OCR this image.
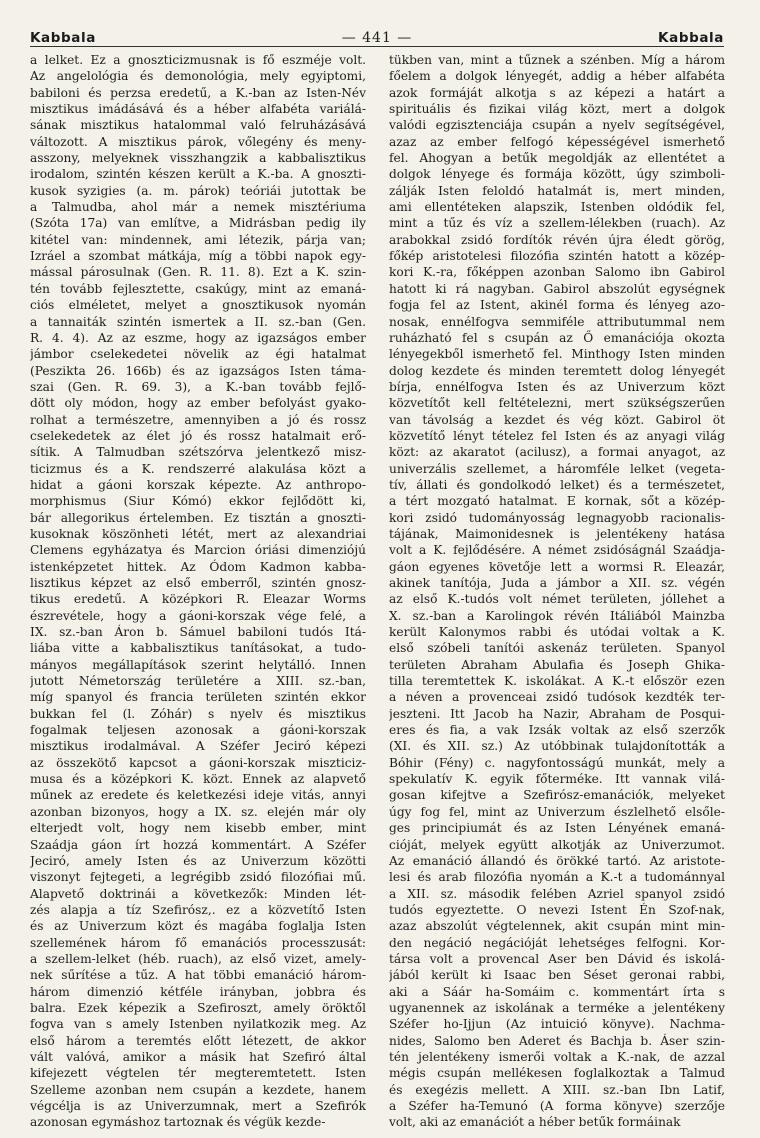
Kabbala	— 441 —	Kabbala
a lelket. Ez a gnoszticizmusnak is fő eszméje volt.
Az angelológia és demonológia, mely egyiptomi,
babiloni és perzsa eredetű, a K.-ban az Isten-Név
misztikus imádásává és a héber alfabéta variálá-
sának misztikus hatalommal való felruházásává
változott. A misztikus párok, vőlegény és meny-
asszony, melyeknek visszhangzik a kabbalisztikus
irodalom, szintén készen került a K.-ba. A gnoszti-
kusok syzigies (a. m. párok) teóriái jutottak be
a Talmudba, ahol már a nemek misztériuma
(Szóta 17a) van említve, a Midrásban pedig ily
kitétel van: mindennek, ami létezik, párja van;
Izráel a szombat mátkája, míg a többi napok egy-
mással párosulnak (Gen. R. 11. 8). Ezt a K. szin-
tén tovább fejlesztette, csakúgy, mint az emaná-
ciós elméletet, melyet a gnosztikusok nyomán
a tannaiták szintén ismertek a II. sz.-ban (Gen.
R. 4. 4). Az az eszme, hogy az igazságos ember
jámbor cselekedetei növelik az égi hatalmat
(Peszikta 26. 166b) és az igazságos Isten táma-
szai (Gen. R. 69. 3), a K.-ban tovább fejlő-
dött oly módon, hogy az ember befolyást gyako-
rolhat a természetre, amennyiben a jó és rossz
cselekedetek az élet jó és rossz hatalmait erő-
sítik. A Talmudban szétszórva jelentkező misz-
ticizmus és a K. rendszerré alakulása közt a
hidat a gáoni korszak képezte. Az anthropo-
morphismus (Siur Kómó) ekkor fejlődött ki,
bár allegorikus értelemben. Ez tisztán a gnoszti-
kusoknak köszönheti létét, mert az alexandriai
Clemens egyházatya és Marcion óriási dimenziójú
istenképzetet hittek. Az Ódom Kadmon kabba-
lisztikus képzet az első emberről, szintén gnosz-
tikus eredetű. A középkori R. Eleazar Worms
észrevétele, hogy a gáoni-korszak vége felé, a
IX. sz.-ban Áron b. Sámuel babiloni tudós Itá-
liába vitte a kabbalisztikus tanításokat, a tudo-
mányos megállapítások szerint helytálló. Innen
jutott Németország területére a XIII. sz.-ban,
míg spanyol és francia területen szintén ekkor
bukkan fel (l. Zóhár) s nyelv és misztikus
fogalmak teljesen azonosak a gáoni-korszak
misztikus irodalmával. A Széfer Jeciró képezi
az összekötő kapcsot a gáoni-korszak miszticiz-
musa és a középkori K. közt. Ennek az alapvető
műnek az eredete és keletkezési ideje vitás, annyi
azonban bizonyos, hogy a IX. sz. elején már oly
elterjedt volt, hogy nem kisebb ember, mint
Szaádja gáon írt hozzá kommentárt. A Széfer
Jeciró, amely Isten és az Univerzum közötti
viszonyt fejtegeti, a legrégibb zsidó filozófiai mű.
Alapvető doktrinái a következők: Minden lét-
zés alapja a tíz Szefirósz,. ez a közvetítő Isten
és az Univerzum közt és magába foglalja Isten
szellemének három fő emanációs processzusát:
a szellem-lelket (héb. ruach), az első vizet, amely-
nek sűrítése a tűz. A hat többi emanáció három-
három dimenzió kétféle irányban, jobbra és
balra. Ezek képezik a Szefiroszt, amely öröktől
fogva van s amely Istenben nyilatkozik meg. Az
első három a teremtés előtt létezett, de akkor
vált valóvá, amikor a másik hat Szefiró által
kifejezett végtelen tér megteremtetett. Isten
Szelleme azonban nem csupán a kezdete, hanem
végcélja is az Univerzumnak, mert a Szefirók
azonosan egymáshoz tartoznak és végük kezde-
tükben van, mint a tűznek a szénben. Míg a három
főelem a dolgok lényegét, addig a héber alfabéta
azok formáját alkotja s az képezi a határt a
spirituális és fizikai világ közt, mert a dolgok
valódi egzisztenciája csupán a nyelv segítségével,
azaz az ember felfogó képességével ismerhető
fel. Ahogyan a betűk megoldják az ellentétet a
dolgok lényege és formája között, úgy szimboli-
zálják Isten feloldó hatalmát is, mert minden,
ami ellentéteken alapszik, Istenben oldódik fel,
mint a tűz és víz a szellem-lélekben (ruach). Az
arabokkal zsidó fordítók révén újra éledt görög,
főkép aristotelesi filozófia szintén hatott a közép-
kori K.-ra, főképpen azonban Salomo ibn Gabirol
hatott ki rá nagyban. Gabirol abszolút egységnek
fogja fel az Istent, akinél forma és lényeg azo-
nosak, ennélfogva semmiféle attributummal nem
ruházható fel s csupán az Ő emanációja okozta
lényegekből ismerhető fel. Minthogy Isten minden
dolog kezdete és minden teremtett dolog lényegét
bírja, ennélfogva Isten és az Univerzum közt
közvetítőt kell feltételezni, mert szükségszerűen
van távolság a kezdet és vég közt. Gabirol öt
közvetítő lényt tételez fel Isten és az anyagi világ
közt: az akaratot (acilusz), a formai anyagot, az
univerzális szellemet, a háromféle lelket (vegeta-
tív, állati és gondolkodó lelket) és a természetet,
a tért mozgató hatalmat. E kornak, sőt a közép-
kori zsidó tudományosság legnagyobb racionalis-
tájának, Maimonidesnek is jelentékeny hatása
volt a K. fejlődésére. A német zsidóságnál Szaádja-
gáon egyenes követője lett a wormsi R. Eleazár,
akinek tanítója, Juda a jámbor a XII. sz. végén
az első K.-tudós volt német területen, jóllehet a
X. sz.-ban a Karolingok révén Itáliából Mainzba
került Kalonymos rabbi és utódai voltak a K.
első szóbeli tanítói askenáz területen. Spanyol
területen Abraham Abulafia és Joseph Ghika-
tilla teremtettek K. iskolákat. A K.-t először ezen
a néven a provenceai zsidó tudósok kezdték ter-
jeszteni. Itt Jacob ha Nazir, Abraham de Posqui-
eres és fia, a vak Izsák voltak az első szerzők
(XI. és XII. sz.) Az utóbbinak tulajdonították a
Bóhir (Fény) c. nagyfontosságú munkát, mely a
spekulatív K. egyik főterméke. Itt vannak vilá-
gosan kifejtve a Szefirósz-emanációk, melyeket
úgy fog fel, mint az Univerzum észlelhető elsőle-
ges principiumát és az Isten Lényének emaná-
cióját, melyek együtt alkotják az Univerzumot.
Az emanáció állandó és örökké tartó. Az aristote-
lesi és arab filozófia nyomán a K.-t a tudománnyal
a XII. sz. második felében Azriel spanyol zsidó
tudós egyeztette. O nevezi Istent Én Szof-nak,
azaz abszolút végtelennek, akit csupán mint min-
den negáció negációját lehetséges felfogni. Kor-
társa volt a provencal Aser ben Dávid és iskolá-
jából került ki Isaac ben Séset geronai rabbi,
aki a Sáár ha-Somáim c. kommentárt írta s
ugyanennek az iskolának a terméke a jelentékeny
Széfer ho-Ijjun (Az intuició könyve). Nachma-
nides, Salomo ben Aderet és Bachja b. Áser szin-
tén jelentékeny ismerői voltak a K.-nak, de azzal
mégis csupán mellékesen foglalkoztak a Talmud
és exegézis mellett. A XIII. sz.-ban Ibn Latif,
a Széfer ha-Temunó (A forma könyve) szerzője
volt, aki az emanációt a héber betűk formáinak
